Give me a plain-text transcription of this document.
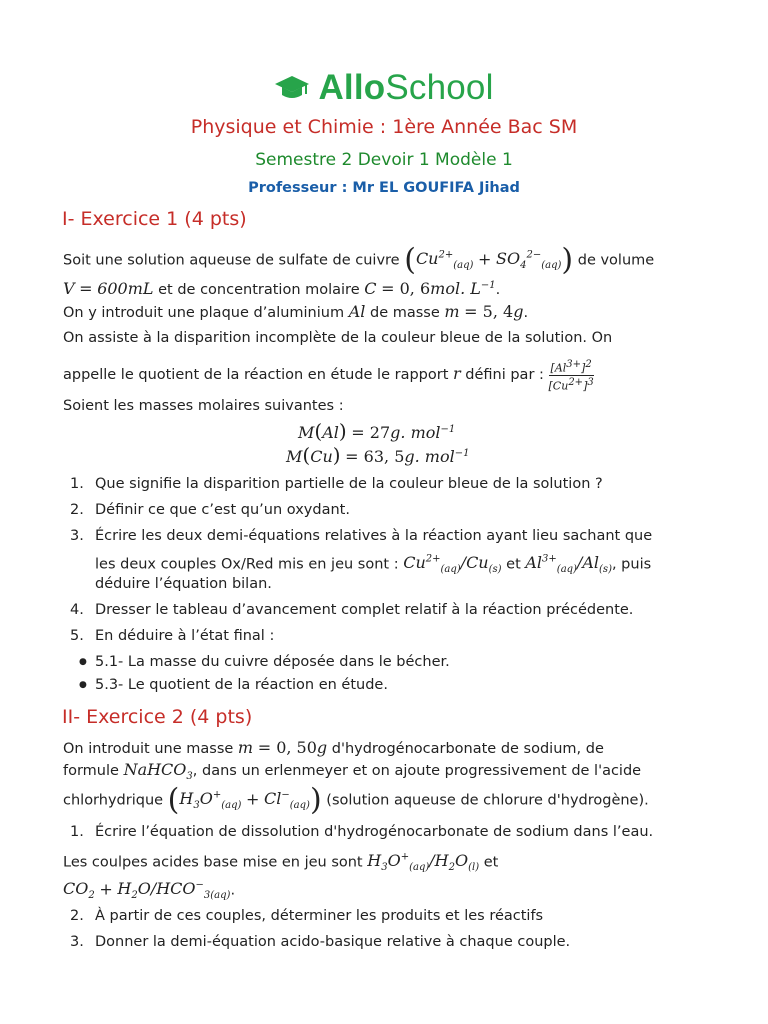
AlloSchool
Physique et Chimie : 1ère Année Bac SM
Semestre 2 Devoir 1 Modèle 1
Professeur : Mr EL GOUFIFA Jihad
I- Exercice 1 (4 pts)
Soit une solution aqueuse de sulfate de cuivre $(Cu^{2+}_{(aq)} + SO_4^{2-}_{(aq)})$ de volume
V = 600mL et de concentration molaire C = 0, 6mol. $L^{-1}$.
On y introduit une plaque d’aluminium Al de masse m = 5, 4g.
On assiste à la disparition incomplète de la couleur bleue de la solution. On
appelle le quotient de la réaction en étude le rapport r défini par : $\frac{[Al^{3+}]^2}{[Cu^{2+}]^3}$
Soient les masses molaires suivantes :
M(Al) = 27g. mol$^{-1}$
M(Cu) = 63, 5g. mol$^{-1}$
1. Que signifie la disparition partielle de la couleur bleue de la solution ?
2. Définir ce que c’est qu’un oxydant.
3. Écrire les deux demi-équations relatives à la réaction ayant lieu sachant que
les deux couples Ox/Red mis en jeu sont : $Cu^{2+}_{(aq)}/Cu_{(s)}$ et $Al^{3+}_{(aq)}/Al_{(s)}$, puis
déduire l’équation bilan.
4. Dresser le tableau d’avancement complet relatif à la réaction précédente.
5. En déduire à l’état final :
●5.1- La masse du cuivre déposée dans le bécher.
●5.3- Le quotient de la réaction en étude.
II- Exercice 2 (4 pts)
On introduit une masse m = 0, 50g d'hydrogénocarbonate de sodium, de
formule NaHCO$_3$, dans un erlenmeyer et on ajoute progressivement de l'acide
chlorhydrique $(H_3O^+_{(aq)} + Cl^-_{(aq)})$ (solution aqueuse de chlorure d'hydrogène).
1. Écrire l’équation de dissolution d'hydrogénocarbonate de sodium dans l’eau.
Les coulpes acides base mise en jeu sont $H_3O^+_{(aq)}/H_2O_{(l)}$ et
$CO_2 + H_2O/HCO^-_{3(aq)}$.
2. À partir de ces couples, déterminer les produits et les réactifs
3. Donner la demi-équation acido-basique relative à chaque couple.
